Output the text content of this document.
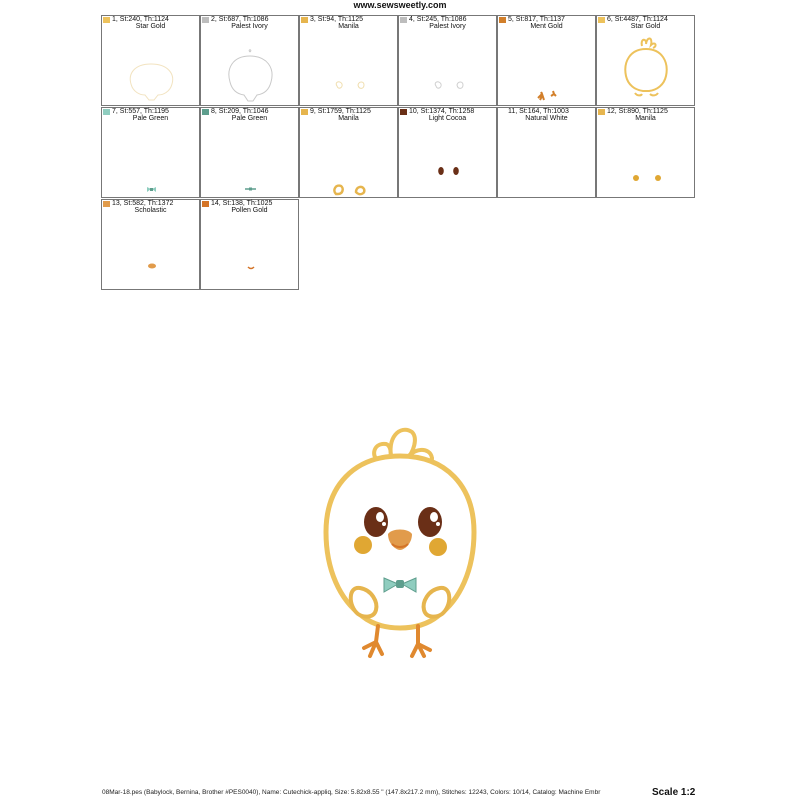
www.sewsweetly.com
1, St:240, Th:1124
Star Gold
2, St:687, Th:1086
Palest Ivory
3, St:94, Th:1125
Manila
4, St:245, Th:1086
Palest Ivory
5, St:817, Th:1137
Ment Gold
6, St:4487, Th:1124
Star Gold
7, St:557, Th:1195
Pale Green
8, St:209, Th:1046
Pale Green
9, St:1759, Th:1125
Manila
10, St:1374, Th:1258
Light Cocoa
11, St:164, Th:1003
Natural White
12, St:890, Th:1125
Manila
13, St:582, Th:1372
Scholastic
14, St:138, Th:1025
Pollen Gold
08Mar-18.pes (Babylock, Bernina, Brother #PES0040), Name: Cutechick-appliq, Size: 5.82x8.55 " (147.8x217.2 mm), Stitches: 12243, Colors: 10/14, Catalog: Machine Embr	Scale 1:2
